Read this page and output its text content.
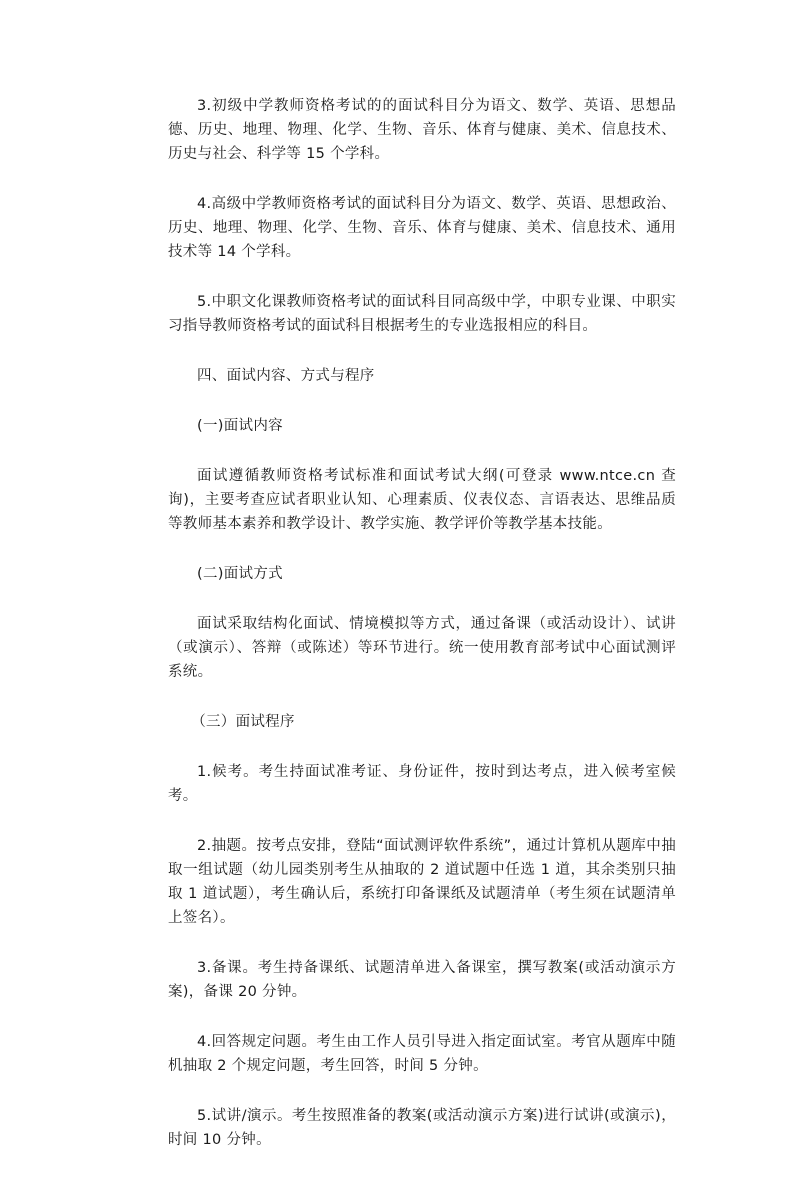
3.初级中学教师资格考试的的面试科目分为语文、数学、英语、思想品德、历史、地理、物理、化学、生物、音乐、体育与健康、美术、信息技术、历史与社会、科学等 15 个学科。

4.高级中学教师资格考试的面试科目分为语文、数学、英语、思想政治、历史、地理、物理、化学、生物、音乐、体育与健康、美术、信息技术、通用技术等 14 个学科。

5.中职文化课教师资格考试的面试科目同高级中学，中职专业课、中职实习指导教师资格考试的面试科目根据考生的专业选报相应的科目。

四、面试内容、方式与程序

(一)面试内容

面试遵循教师资格考试标准和面试考试大纲(可登录 www.ntce.cn 查询)，主要考查应试者职业认知、心理素质、仪表仪态、言语表达、思维品质等教师基本素养和教学设计、教学实施、教学评价等教学基本技能。

(二)面试方式

面试采取结构化面试、情境模拟等方式，通过备课（或活动设计）、试讲（或演示）、答辩（或陈述）等环节进行。统一使用教育部考试中心面试测评系统。

（三）面试程序

1.候考。考生持面试准考证、身份证件，按时到达考点，进入候考室候考。

2.抽题。按考点安排，登陆“面试测评软件系统”，通过计算机从题库中抽取一组试题（幼儿园类别考生从抽取的 2 道试题中任选 1 道，其余类别只抽取 1 道试题），考生确认后，系统打印备课纸及试题清单（考生须在试题清单上签名）。

3.备课。考生持备课纸、试题清单进入备课室，撰写教案(或活动演示方案)，备课 20 分钟。

4.回答规定问题。考生由工作人员引导进入指定面试室。考官从题库中随机抽取 2 个规定问题，考生回答，时间 5 分钟。

5.试讲/演示。考生按照准备的教案(或活动演示方案)进行试讲(或演示)，时间 10 分钟。
